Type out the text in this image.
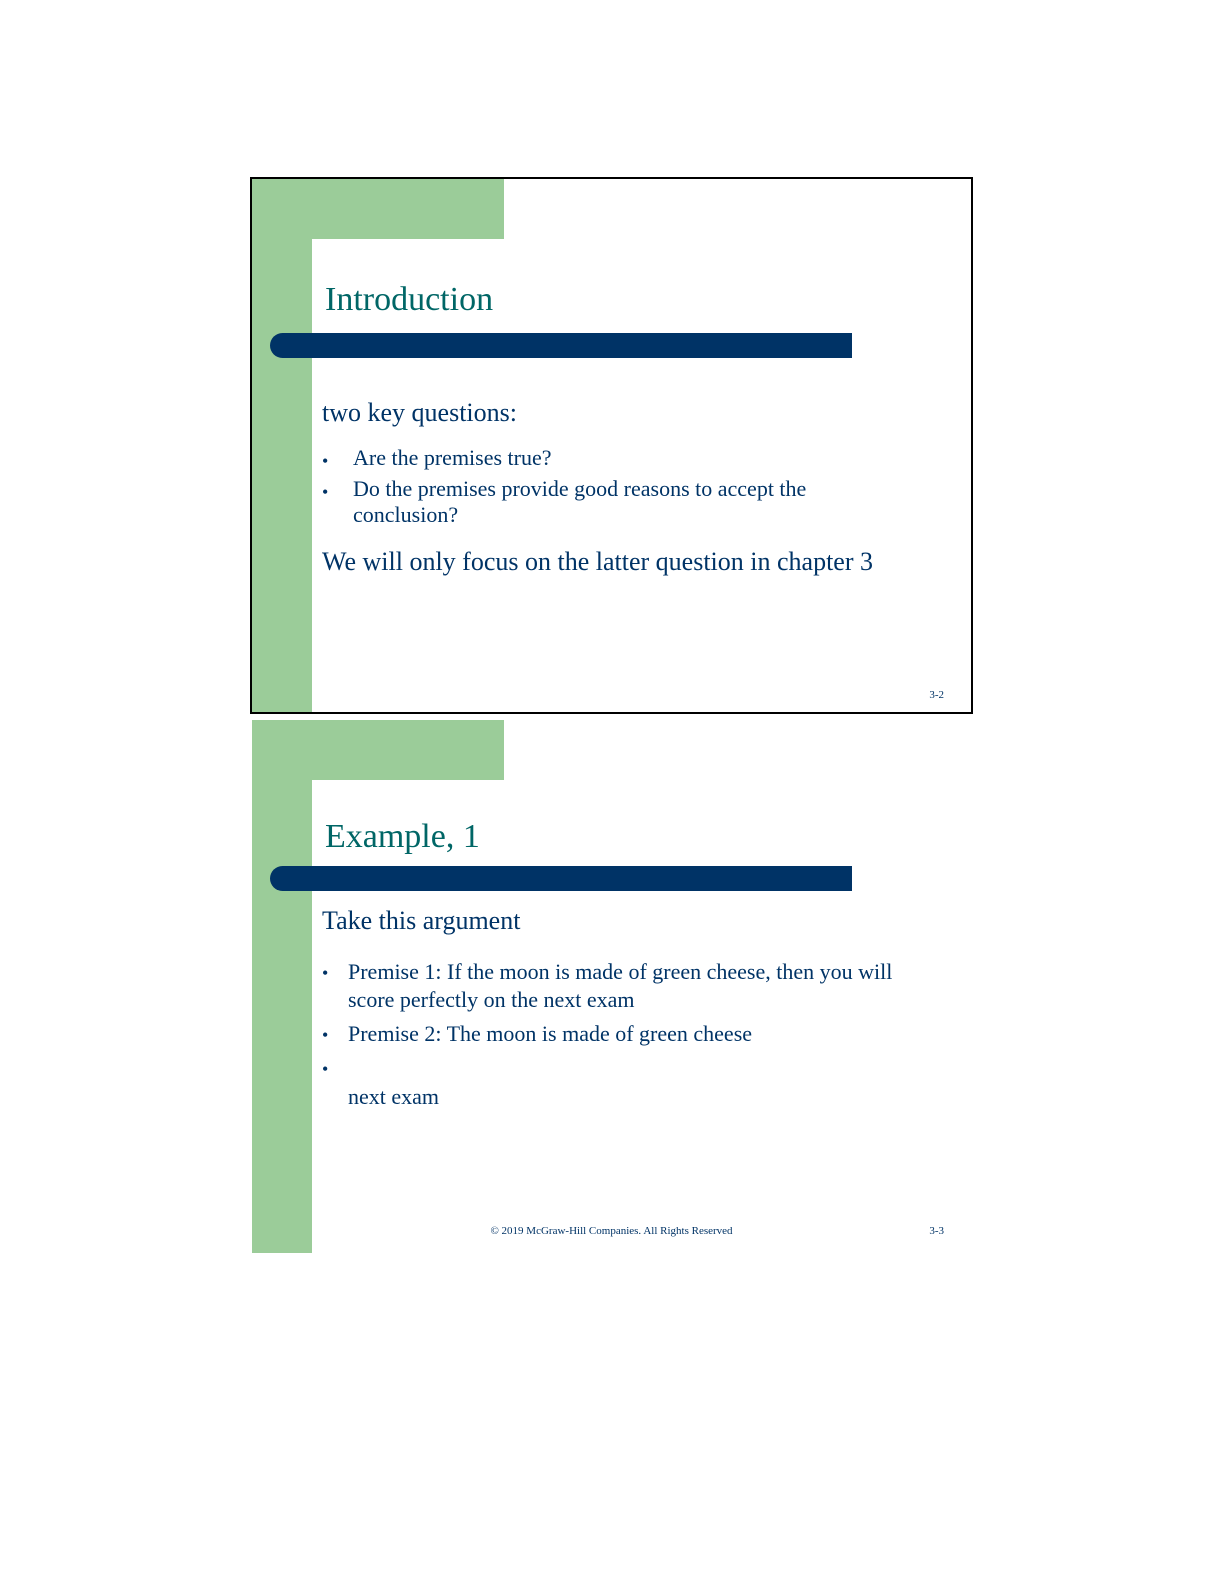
Introduction

two key questions:

• Are the premises true?

• Do the premises provide good reasons to accept the conclusion?

We will only focus on the latter question in chapter 3

3-2
Example, 1

Take this argument

• Premise 1: If the moon is made of green cheese, then you will score perfectly on the next exam

• Premise 2: The moon is made of green cheese

•

next exam

© 2019 McGraw-Hill Companies. All Rights Reserved	3-3
